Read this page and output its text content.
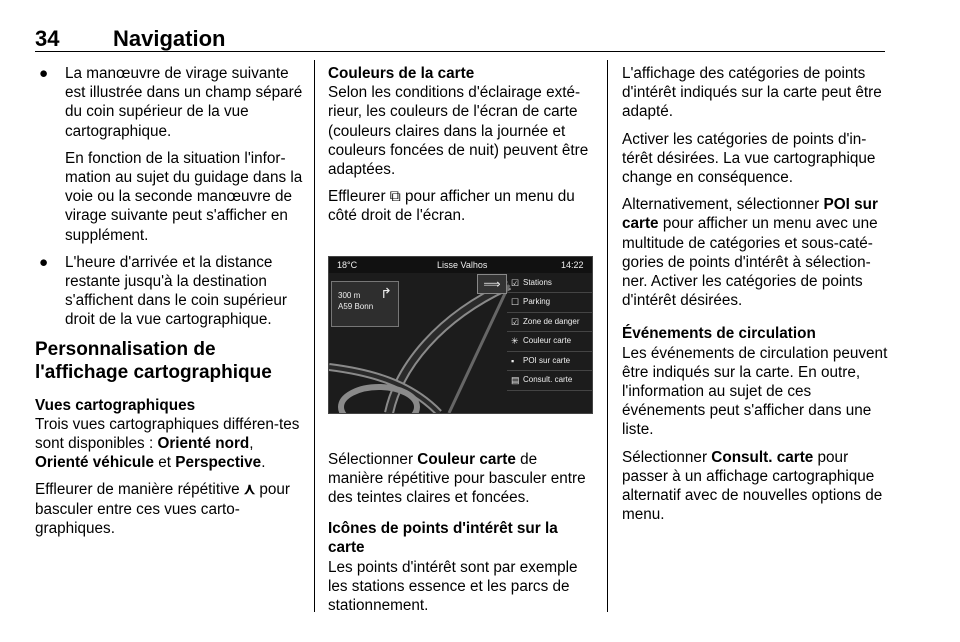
34 Navigation
● La manœuvre de virage suivante est illustrée dans un champ séparé du coin supérieur de la vue cartographique.

En fonction de la situation l'infor-mation au sujet du guidage dans la voie ou la seconde manœuvre de virage suivante peut s'afficher en supplément.

● L'heure d'arrivée et la distance restante jusqu'à la destination s'affichent dans le coin supérieur droit de la vue cartographique.

Personnalisation de l'affichage cartographique

Vues cartographiques
Trois vues cartographiques différen-tes sont disponibles : Orienté nord, Orienté véhicule et Perspective.

Effleurer de manière répétitive ⋏ pour basculer entre ces vues carto-graphiques.

Couleurs de la carte
Selon les conditions d'éclairage exté-rieur, les couleurs de l'écran de carte (couleurs claires dans la journée et couleurs foncées de nuit) peuvent être adaptées.

Effleurer ⧉ pour afficher un menu du côté droit de l'écran.

18°C	Lisse Valhos	14:22
300 m
A59 Bonn
↱
⟹	☑ Stations
☐ Parking
☑ Zone de danger
✳ Couleur carte
▪ POI sur carte
▤ Consult. carte

Sélectionner Couleur carte de manière répétitive pour basculer entre des teintes claires et foncées.

Icônes de points d'intérêt sur la carte
Les points d'intérêt sont par exemple les stations essence et les parcs de stationnement.

L'affichage des catégories de points d'intérêt indiqués sur la carte peut être adapté.

Activer les catégories de points d'in-térêt désirées. La vue cartographique change en conséquence.

Alternativement, sélectionner POI sur carte pour afficher un menu avec une multitude de catégories et sous-caté-gories de points d'intérêt à sélection-ner. Activer les catégories de points d'intérêt désirées.

Événements de circulation
Les événements de circulation peuvent être indiqués sur la carte. En outre, l'information au sujet de ces événements peut s'afficher dans une liste.

Sélectionner Consult. carte pour passer à un affichage cartographique alternatif avec de nouvelles options de menu.
